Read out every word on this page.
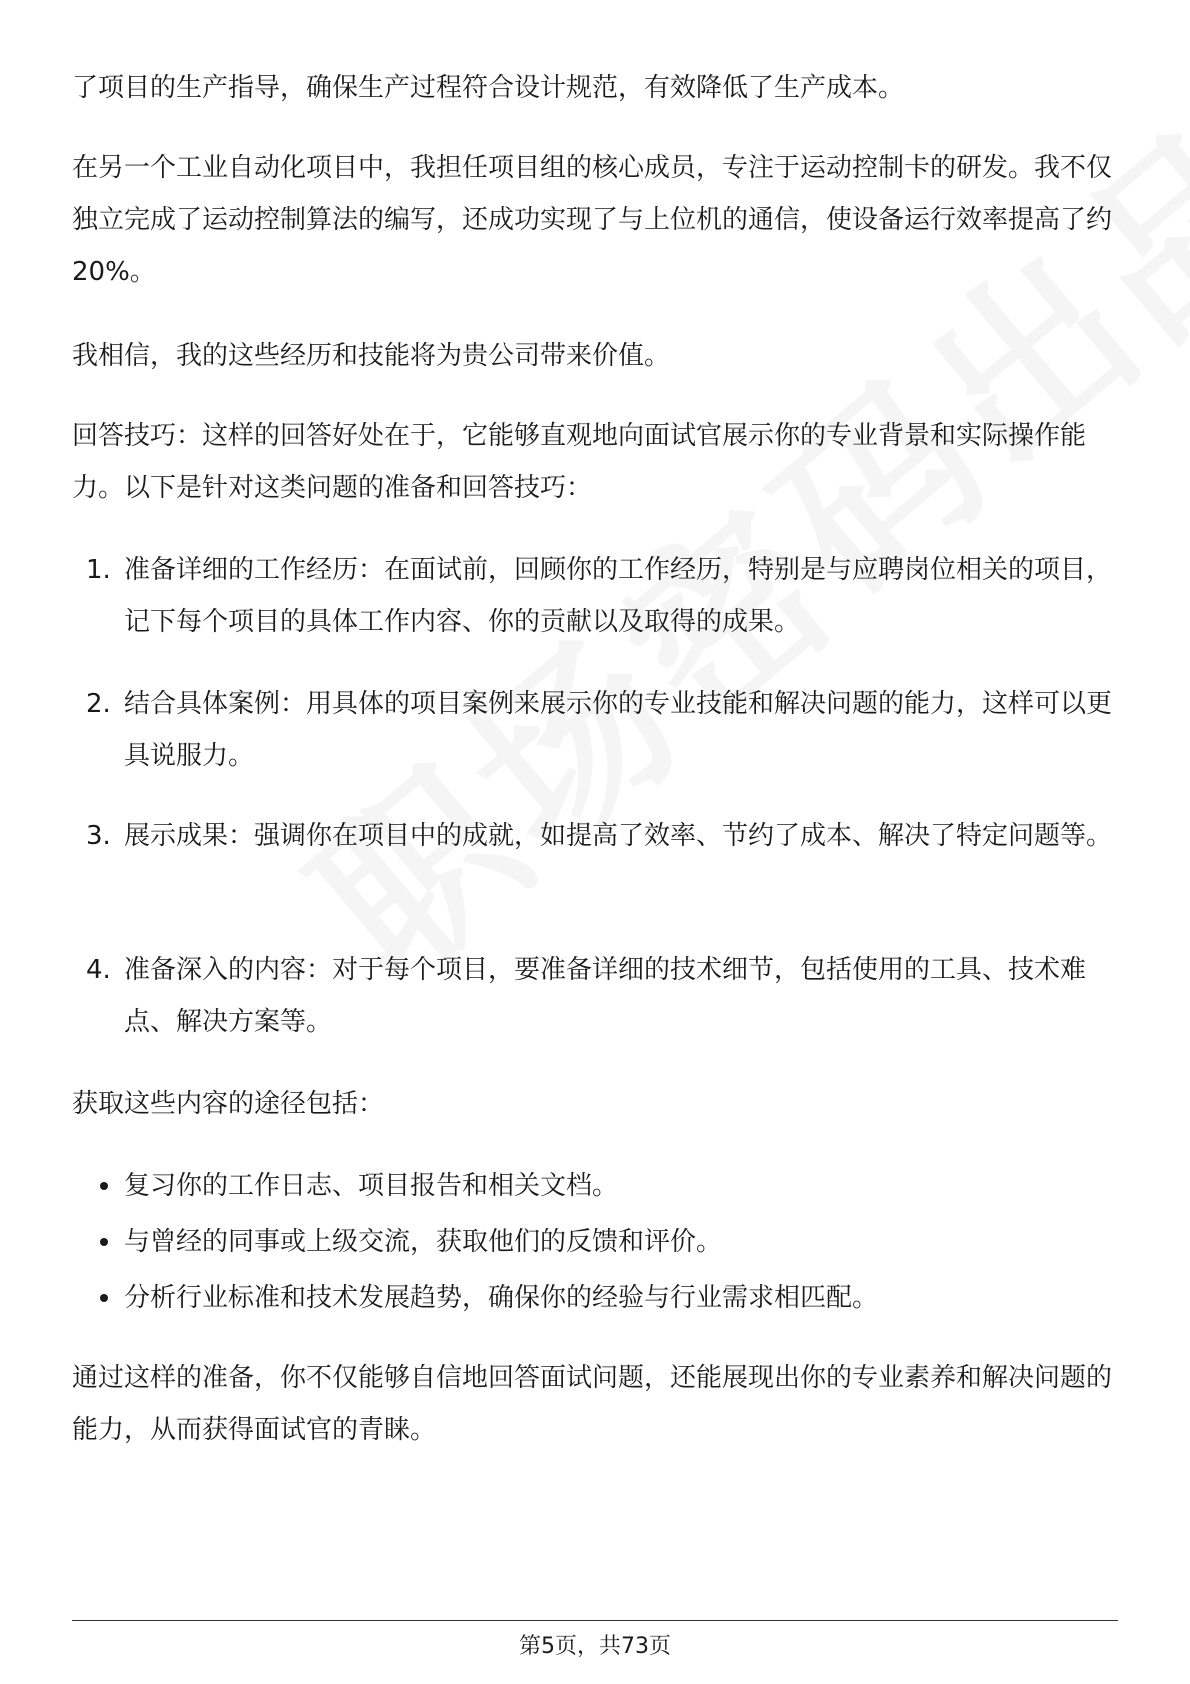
了项目的生产指导，确保生产过程符合设计规范，有效降低了生产成本。

在另一个工业自动化项目中，我担任项目组的核心成员，专注于运动控制卡的研发。我不仅独立完成了运动控制算法的编写，还成功实现了与上位机的通信，使设备运行效率提高了约20%。

我相信，我的这些经历和技能将为贵公司带来价值。

回答技巧：这样的回答好处在于，它能够直观地向面试官展示你的专业背景和实际操作能力。以下是针对这类问题的准备和回答技巧：

1. 准备详细的工作经历：在面试前，回顾你的工作经历，特别是与应聘岗位相关的项目，记下每个项目的具体工作内容、你的贡献以及取得的成果。
2. 结合具体案例：用具体的项目案例来展示你的专业技能和解决问题的能力，这样可以更具说服力。
3. 展示成果：强调你在项目中的成就，如提高了效率、节约了成本、解决了特定问题等。
4. 准备深入的内容：对于每个项目，要准备详细的技术细节，包括使用的工具、技术难点、解决方案等。

获取这些内容的途径包括：

复习你的工作日志、项目报告和相关文档。
与曾经的同事或上级交流，获取他们的反馈和评价。
分析行业标准和技术发展趋势，确保你的经验与行业需求相匹配。

通过这样的准备，你不仅能够自信地回答面试问题，还能展现出你的专业素养和解决问题的能力，从而获得面试官的青睐。

第5页，共73页
